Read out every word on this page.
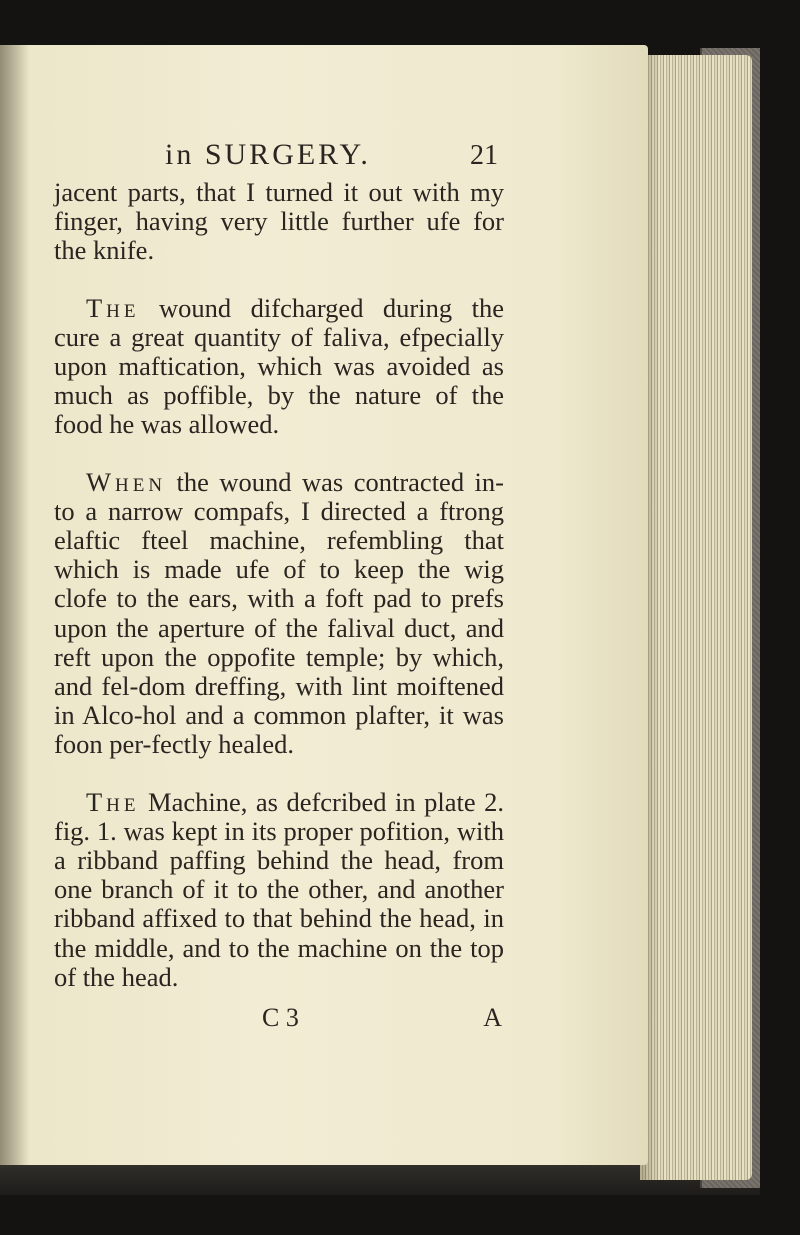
in SURGERY.	21

jacent parts, that I turned it out with my finger, having very little further ufe for the knife.

The wound difcharged during the cure a great quantity of faliva, efpecially upon maftication, which was avoided as much as poffible, by the nature of the food he was allowed.

When the wound was contracted in-to a narrow compafs, I directed a ftrong elaftic fteel machine, refembling that which is made ufe of to keep the wig clofe to the ears, with a foft pad to prefs upon the aperture of the falival duct, and reft upon the oppofite temple; by which, and fel-dom dreffing, with lint moiftened in Alco-hol and a common plafter, it was foon per-fectly healed.

The Machine, as defcribed in plate 2. fig. 1. was kept in its proper pofition, with a ribband paffing behind the head, from one branch of it to the other, and another ribband affixed to that behind the head, in the middle, and to the machine on the top of the head.

C 3	A
